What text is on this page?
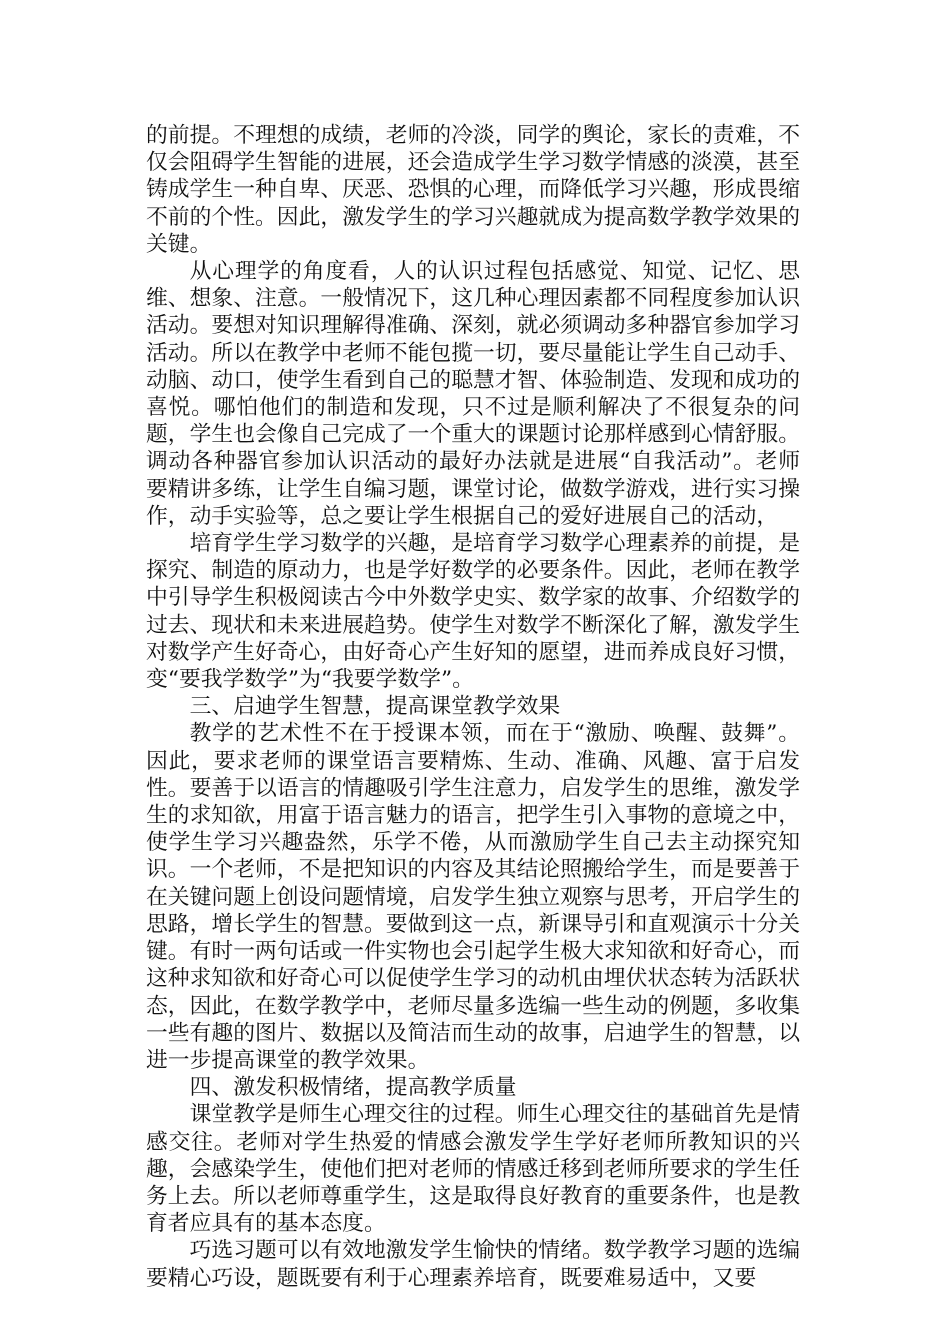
的前提。不理想的成绩，老师的冷淡，同学的舆论，家长的责难，不仅会阻碍学生智能的进展，还会造成学生学习数学情感的淡漠，甚至铸成学生一种自卑、厌恶、恐惧的心理，而降低学习兴趣，形成畏缩不前的个性。因此，激发学生的学习兴趣就成为提高数学教学效果的关键。

从心理学的角度看，人的认识过程包括感觉、知觉、记忆、思维、想象、注意。一般情况下，这几种心理因素都不同程度参加认识活动。要想对知识理解得准确、深刻，就必须调动多种器官参加学习活动。所以在教学中老师不能包揽一切，要尽量能让学生自己动手、动脑、动口，使学生看到自己的聪慧才智、体验制造、发现和成功的喜悦。哪怕他们的制造和发现，只不过是顺利解决了不很复杂的问题，学生也会像自己完成了一个重大的课题讨论那样感到心情舒服。调动各种器官参加认识活动的最好办法就是进展“自我活动”。老师要精讲多练，让学生自编习题，课堂讨论，做数学游戏，进行实习操作，动手实验等，总之要让学生根据自己的爱好进展自己的活动，

培育学生学习数学的兴趣，是培育学习数学心理素养的前提，是探究、制造的原动力，也是学好数学的必要条件。因此，老师在教学中引导学生积极阅读古今中外数学史实、数学家的故事、介绍数学的过去、现状和未来进展趋势。使学生对数学不断深化了解，激发学生对数学产生好奇心，由好奇心产生好知的愿望，进而养成良好习惯，变“要我学数学”为“我要学数学”。

三、启迪学生智慧，提高课堂教学效果

教学的艺术性不在于授课本领，而在于“激励、唤醒、鼓舞”。因此，要求老师的课堂语言要精炼、生动、准确、风趣、富于启发性。要善于以语言的情趣吸引学生注意力，启发学生的思维，激发学生的求知欲，用富于语言魅力的语言，把学生引入事物的意境之中，使学生学习兴趣盎然，乐学不倦，从而激励学生自己去主动探究知识。一个老师，不是把知识的内容及其结论照搬给学生，而是要善于在关键问题上创设问题情境，启发学生独立观察与思考，开启学生的思路，增长学生的智慧。要做到这一点，新课导引和直观演示十分关键。有时一两句话或一件实物也会引起学生极大求知欲和好奇心，而这种求知欲和好奇心可以促使学生学习的动机由埋伏状态转为活跃状态，因此，在数学教学中，老师尽量多选编一些生动的例题，多收集一些有趣的图片、数据以及简洁而生动的故事，启迪学生的智慧，以进一步提高课堂的教学效果。

四、激发积极情绪，提高教学质量

课堂教学是师生心理交往的过程。师生心理交往的基础首先是情感交往。老师对学生热爱的情感会激发学生学好老师所教知识的兴趣，会感染学生，使他们把对老师的情感迁移到老师所要求的学生任务上去。所以老师尊重学生，这是取得良好教育的重要条件，也是教育者应具有的基本态度。

巧选习题可以有效地激发学生愉快的情绪。数学教学习题的选编要精心巧设，题既要有利于心理素养培育，既要难易适中，又要
